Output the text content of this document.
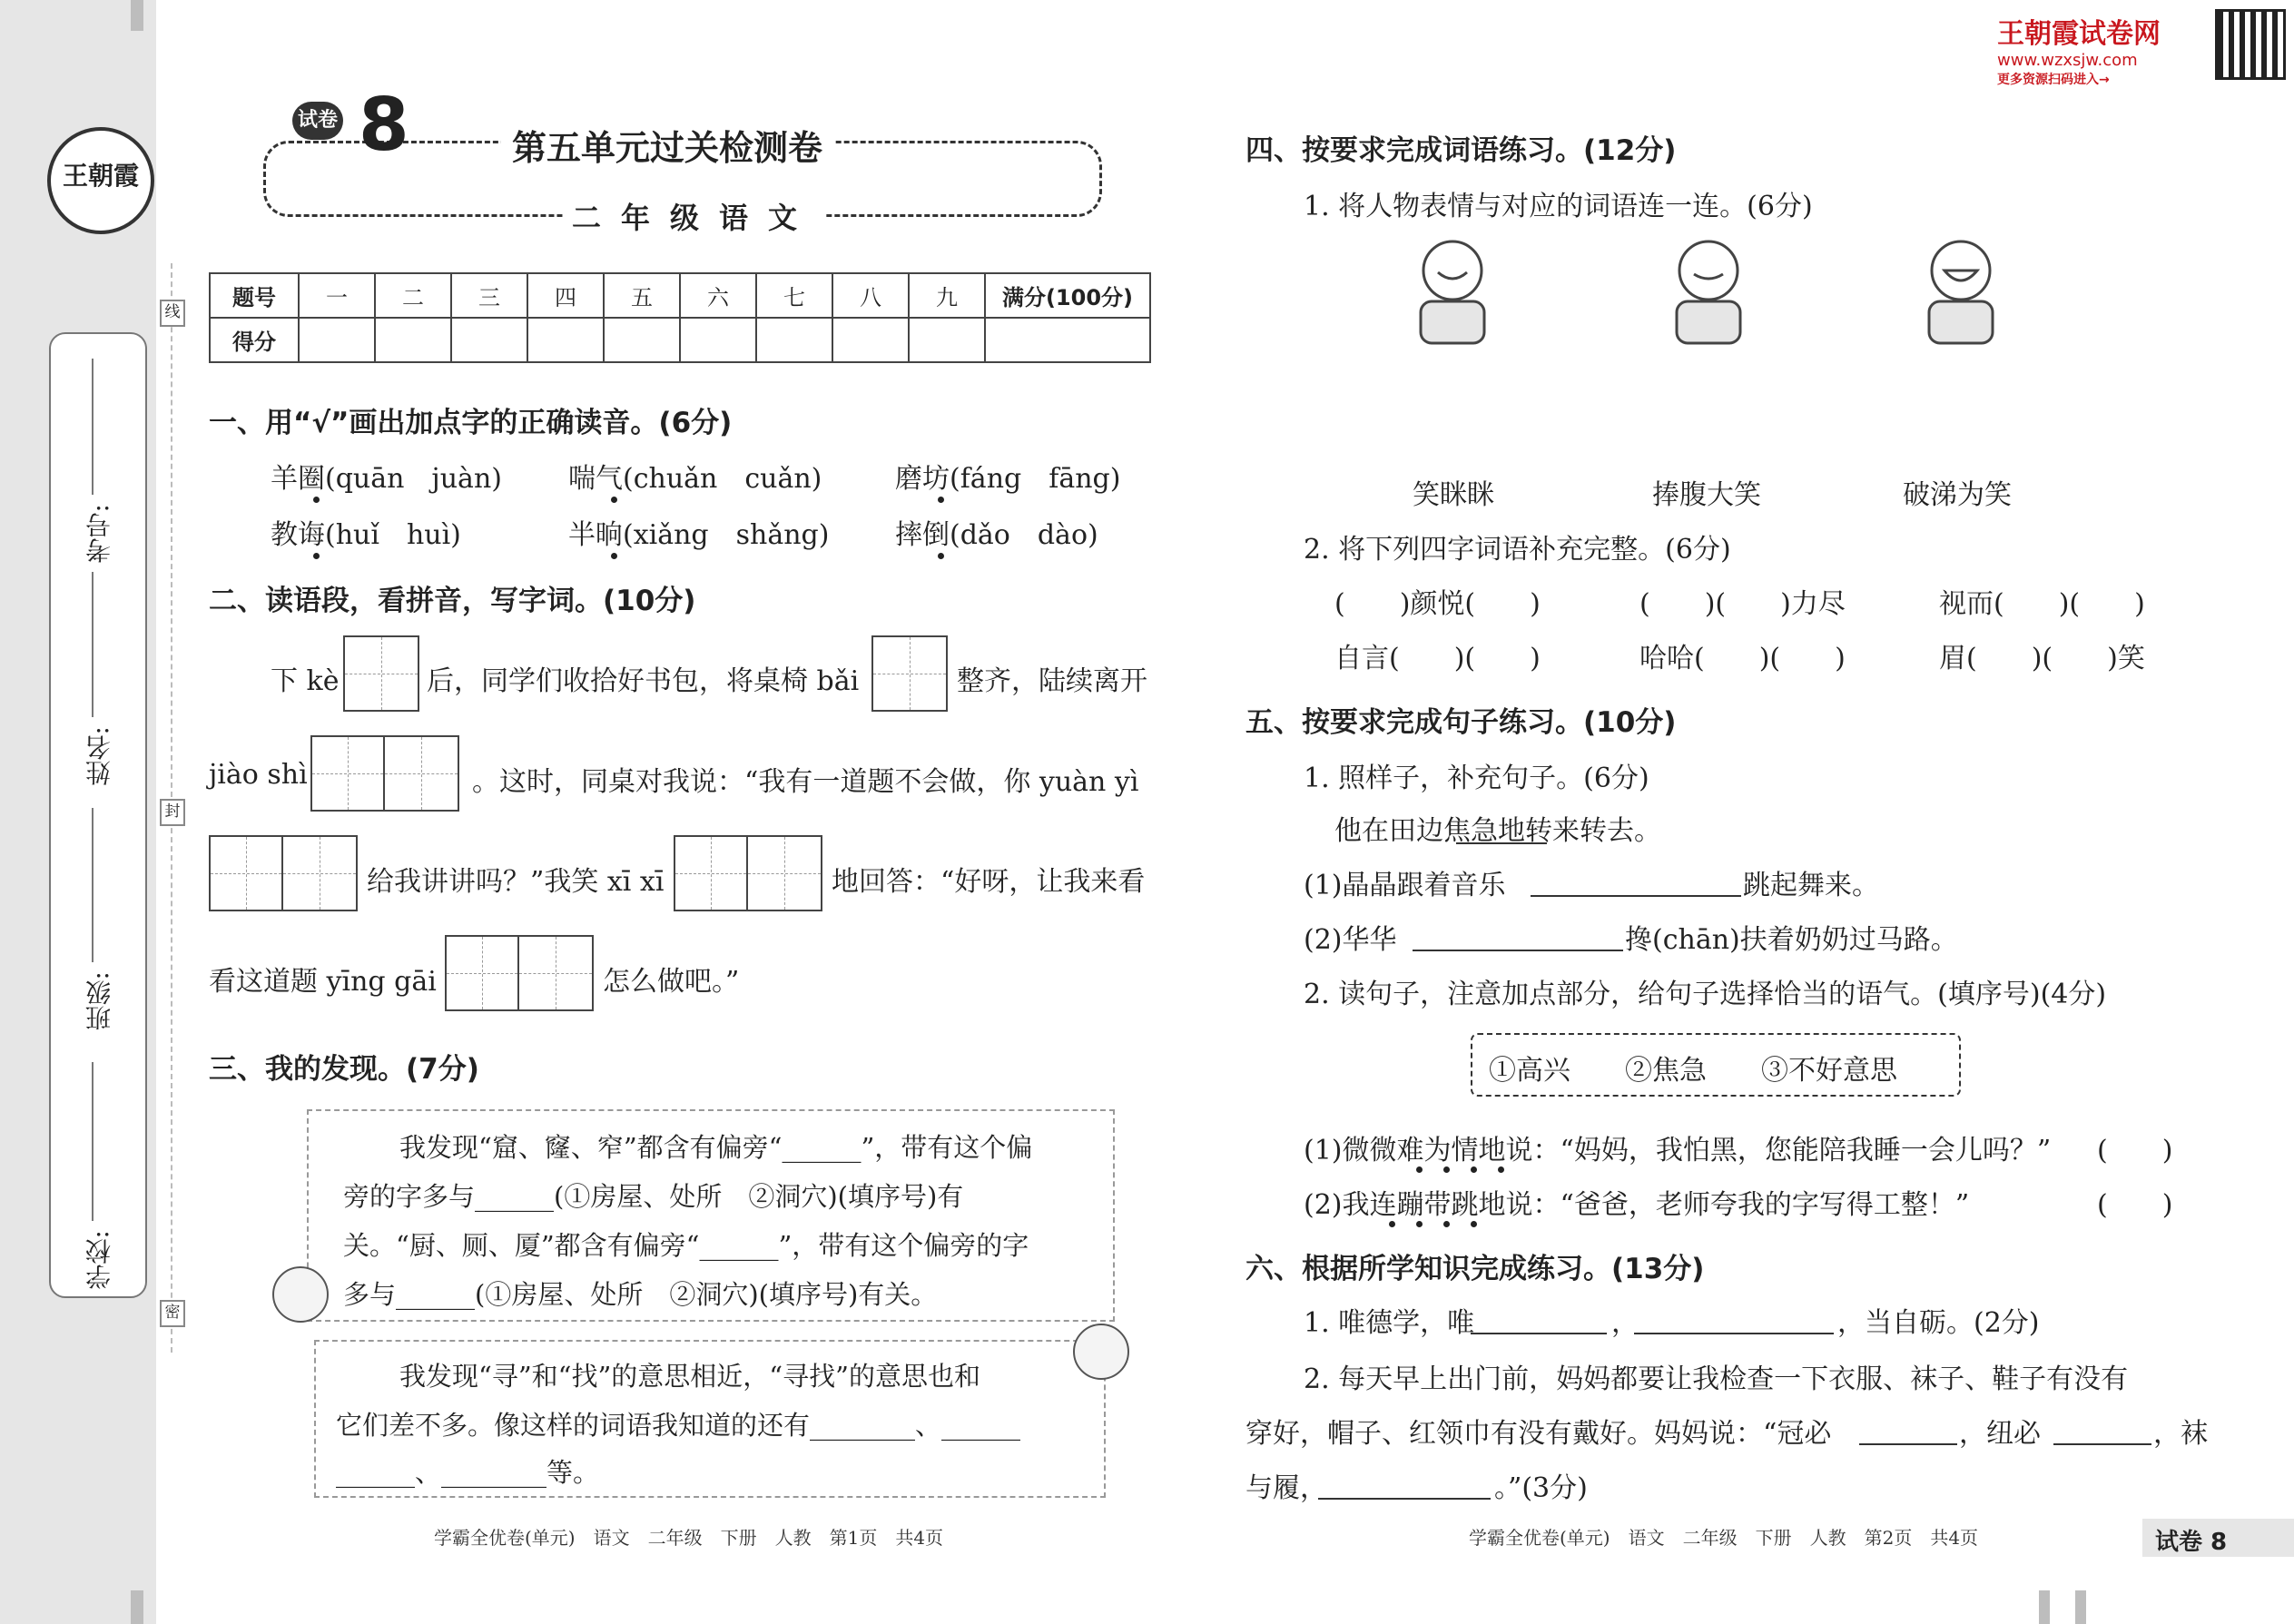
王朝霞
考号:
姓名:
班级:
学校:
线
封
密
王朝霞试卷网
www.wzxsjw.com
更多资源扫码进入→
试卷 8	第五单元过关检测卷
二年级语文
题号	一	二	三	四	五	六	七	八	九	满分(100分)
得分										
一、用“√”画出加点字的正确读音。(6分)
羊圈(quān　juàn) 喘气(chuǎn　cuǎn)	磨坊(fáng　fāng)
教诲(huǐ　huì)	半晌(xiǎng　shǎng) 摔倒(dǎo　dào)
二、读语段，看拼音，写字词。(10分)
下 kè	后，同学们收拾好书包，将桌椅 bǎi	整齐，陆续离开
jiào shì	。这时，同桌对我说：“我有一道题不会做，你 yuàn yì
给我讲讲吗？”我笑 xī xī	地回答：“好呀，让我来看
看这道题 yīng gāi	怎么做吧。”
三、我的发现。(7分)
我发现“窟、窿、窄”都含有偏旁“______”，带有这个偏
旁的字多与______(①房屋、处所　②洞穴)(填序号)有
关。“厨、厕、厦”都含有偏旁“______”，带有这个偏旁的字
多与______(①房屋、处所　②洞穴)(填序号)有关。
我发现“寻”和“找”的意思相近，“寻找”的意思也和
它们差不多。像这样的词语我知道的还有________、______
______、________等。
四、按要求完成词语练习。(12分)
1. 将人物表情与对应的词语连一连。(6分)
笑眯眯	捧腹大笑	破涕为笑
2. 将下列四字词语补充完整。(6分)
(　　)颜悦(　　)	(　　)(　　)力尽	视而(　　)(　　)
自言(　　)(　　)	哈哈(　　)(　　)	眉(　　)(　　)笑
五、按要求完成句子练习。(10分)
1. 照样子，补充句子。(6分)
他在田边焦急地转来转去。
(1)晶晶跟着音乐	跳起舞来。
(2)华华	搀(chān)扶着奶奶过马路。
2. 读句子，注意加点部分，给句子选择恰当的语气。(填序号)(4分)
①高兴　　②焦急　　③不好意思
(1)微微难为情地说：“妈妈，我怕黑，您能陪我睡一会儿吗？” (　　)
(2)我连蹦带跳地说：“爸爸，老师夸我的字写得工整！”	(　　)
六、根据所学知识完成练习。(13分)
1. 唯德学，唯	，	，当自砺。(2分)
2. 每天早上出门前，妈妈都要让我检查一下衣服、袜子、鞋子有没有
穿好，帽子、红领巾有没有戴好。妈妈说：“冠必	，纽必	，袜
与履，	。”(3分)
学霸全优卷(单元)　语文　二年级　下册　人教　第1页　共4页	学霸全优卷(单元)　语文　二年级　下册　人教　第2页　共4页	试卷 8
